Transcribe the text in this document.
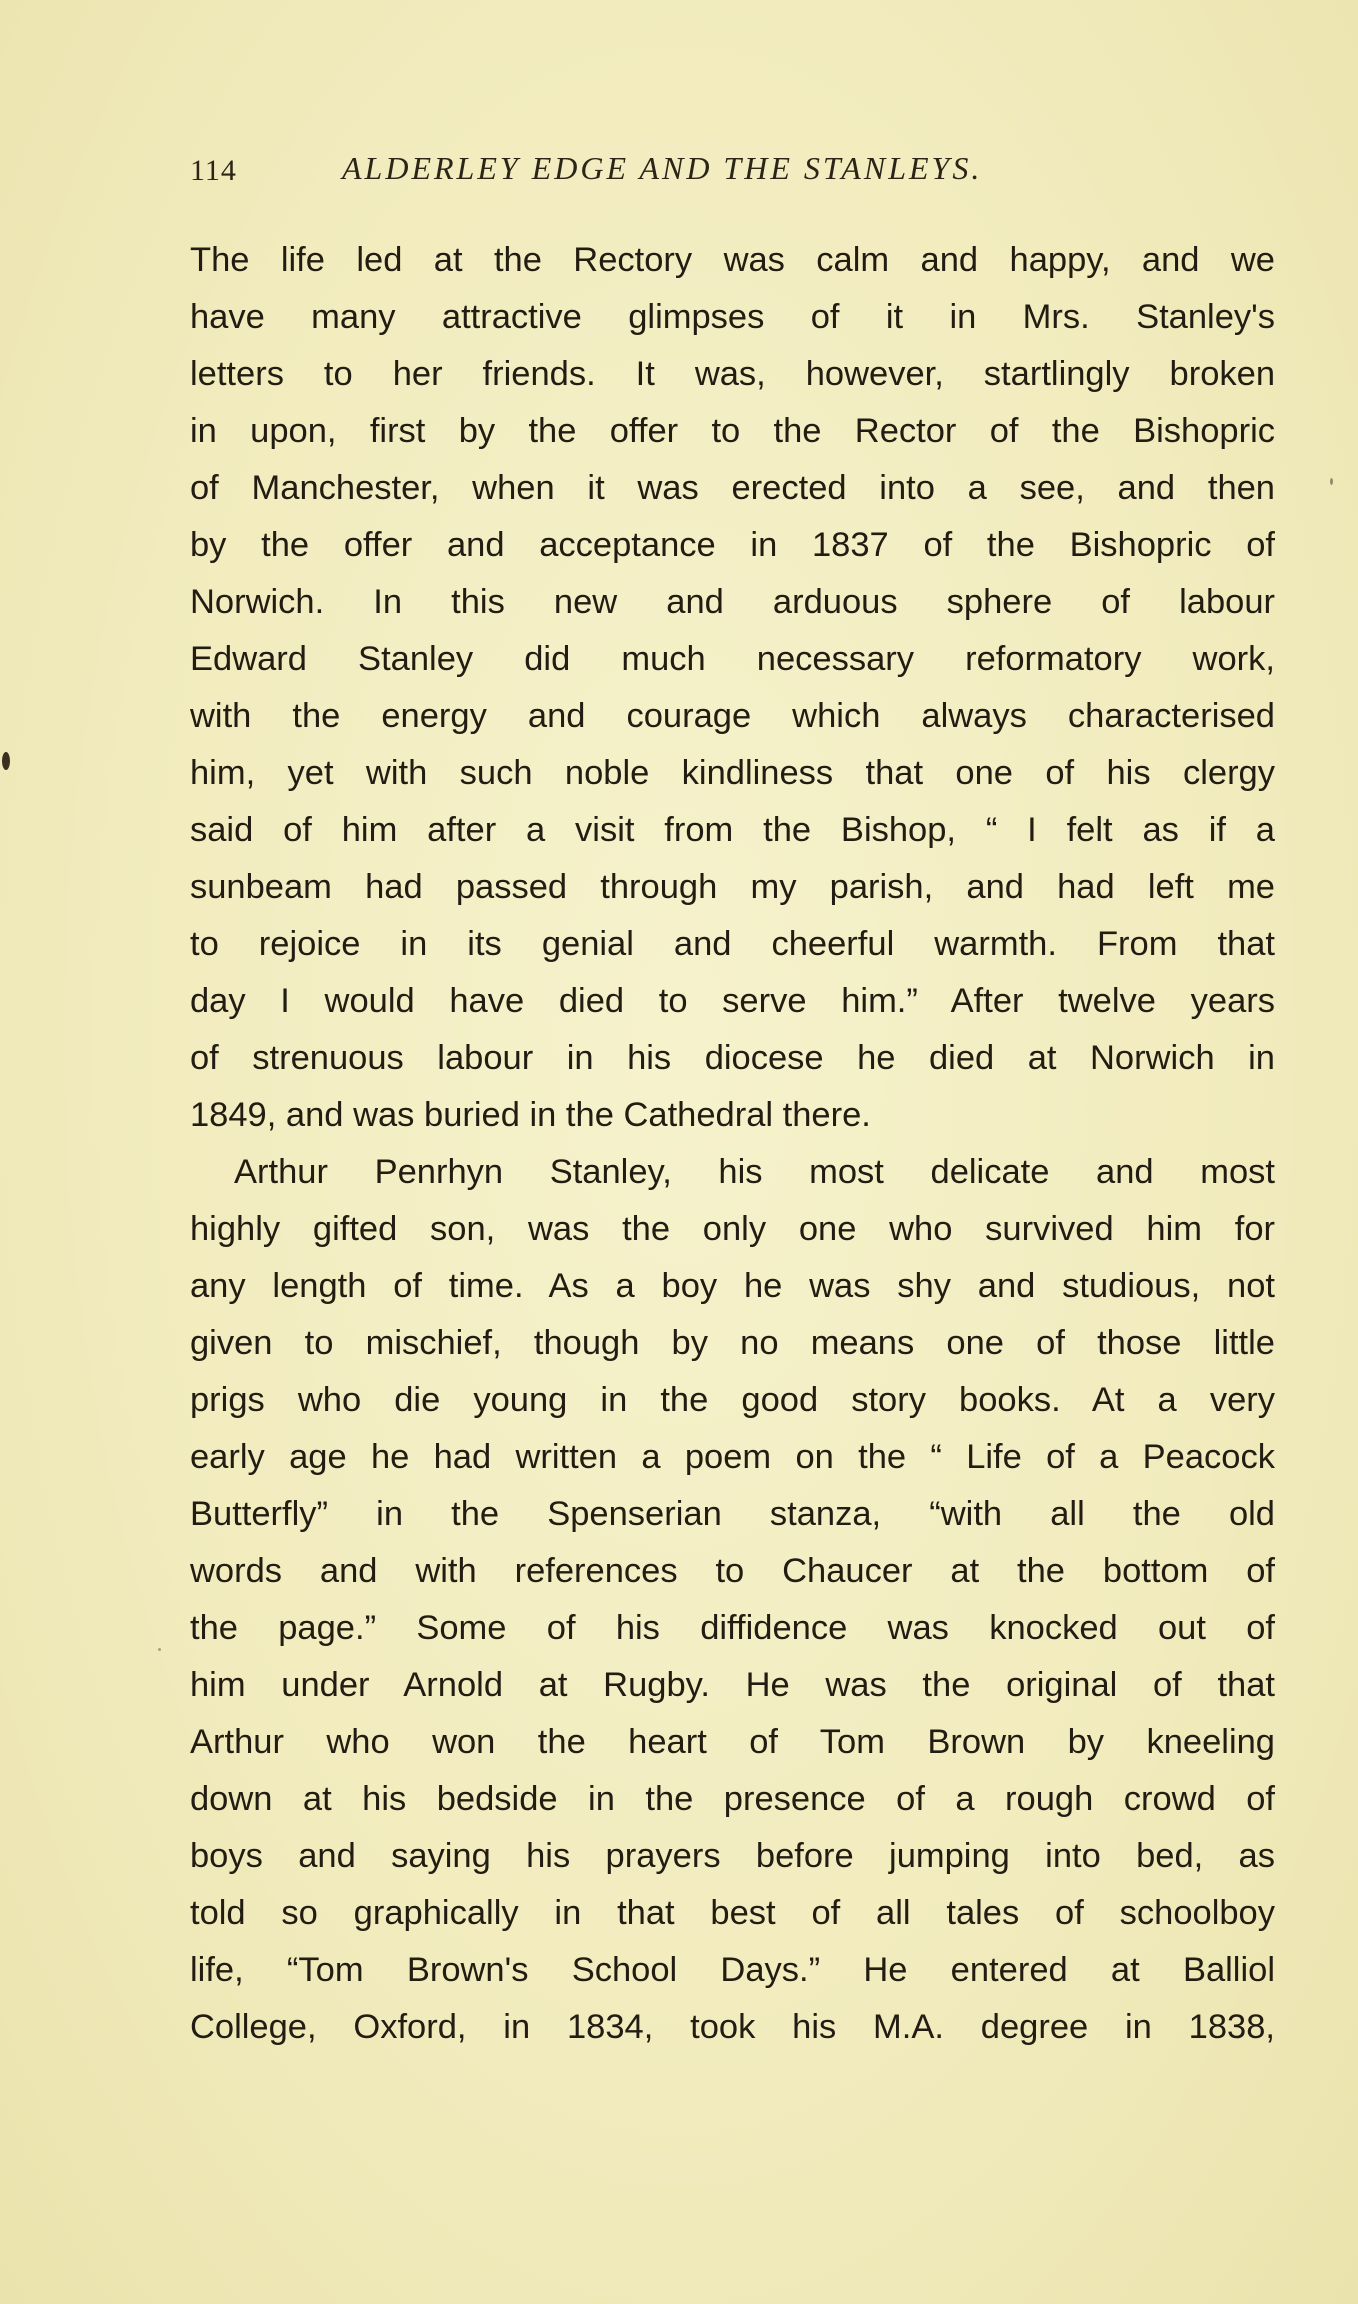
114	ALDERLEY EDGE AND THE STANLEYS.
The life led at the Rectory was calm and happy, and we
have many attractive glimpses of it in Mrs. Stanley's
letters to her friends. It was, however, startlingly broken
in upon, first by the offer to the Rector of the Bishopric
of Manchester, when it was erected into a see, and then
by the offer and acceptance in 1837 of the Bishopric of
Norwich. In this new and arduous sphere of labour
Edward Stanley did much necessary reformatory work,
with the energy and courage which always characterised
him, yet with such noble kindliness that one of his clergy
said of him after a visit from the Bishop, “ I felt as if a
sunbeam had passed through my parish, and had left me
to rejoice in its genial and cheerful warmth. From that
day I would have died to serve him.” After twelve years
of strenuous labour in his diocese he died at Norwich in
1849, and was buried in the Cathedral there.
Arthur Penrhyn Stanley, his most delicate and most
highly gifted son, was the only one who survived him for
any length of time. As a boy he was shy and studious, not
given to mischief, though by no means one of those little
prigs who die young in the good story books. At a very
early age he had written a poem on the “ Life of a Peacock
Butterfly” in the Spenserian stanza, “with all the old
words and with references to Chaucer at the bottom of
the page.” Some of his diffidence was knocked out of
him under Arnold at Rugby. He was the original of that
Arthur who won the heart of Tom Brown by kneeling
down at his bedside in the presence of a rough crowd of
boys and saying his prayers before jumping into bed, as
told so graphically in that best of all tales of schoolboy
life, “Tom Brown's School Days.” He entered at Balliol
College, Oxford, in 1834, took his M.A. degree in 1838,
